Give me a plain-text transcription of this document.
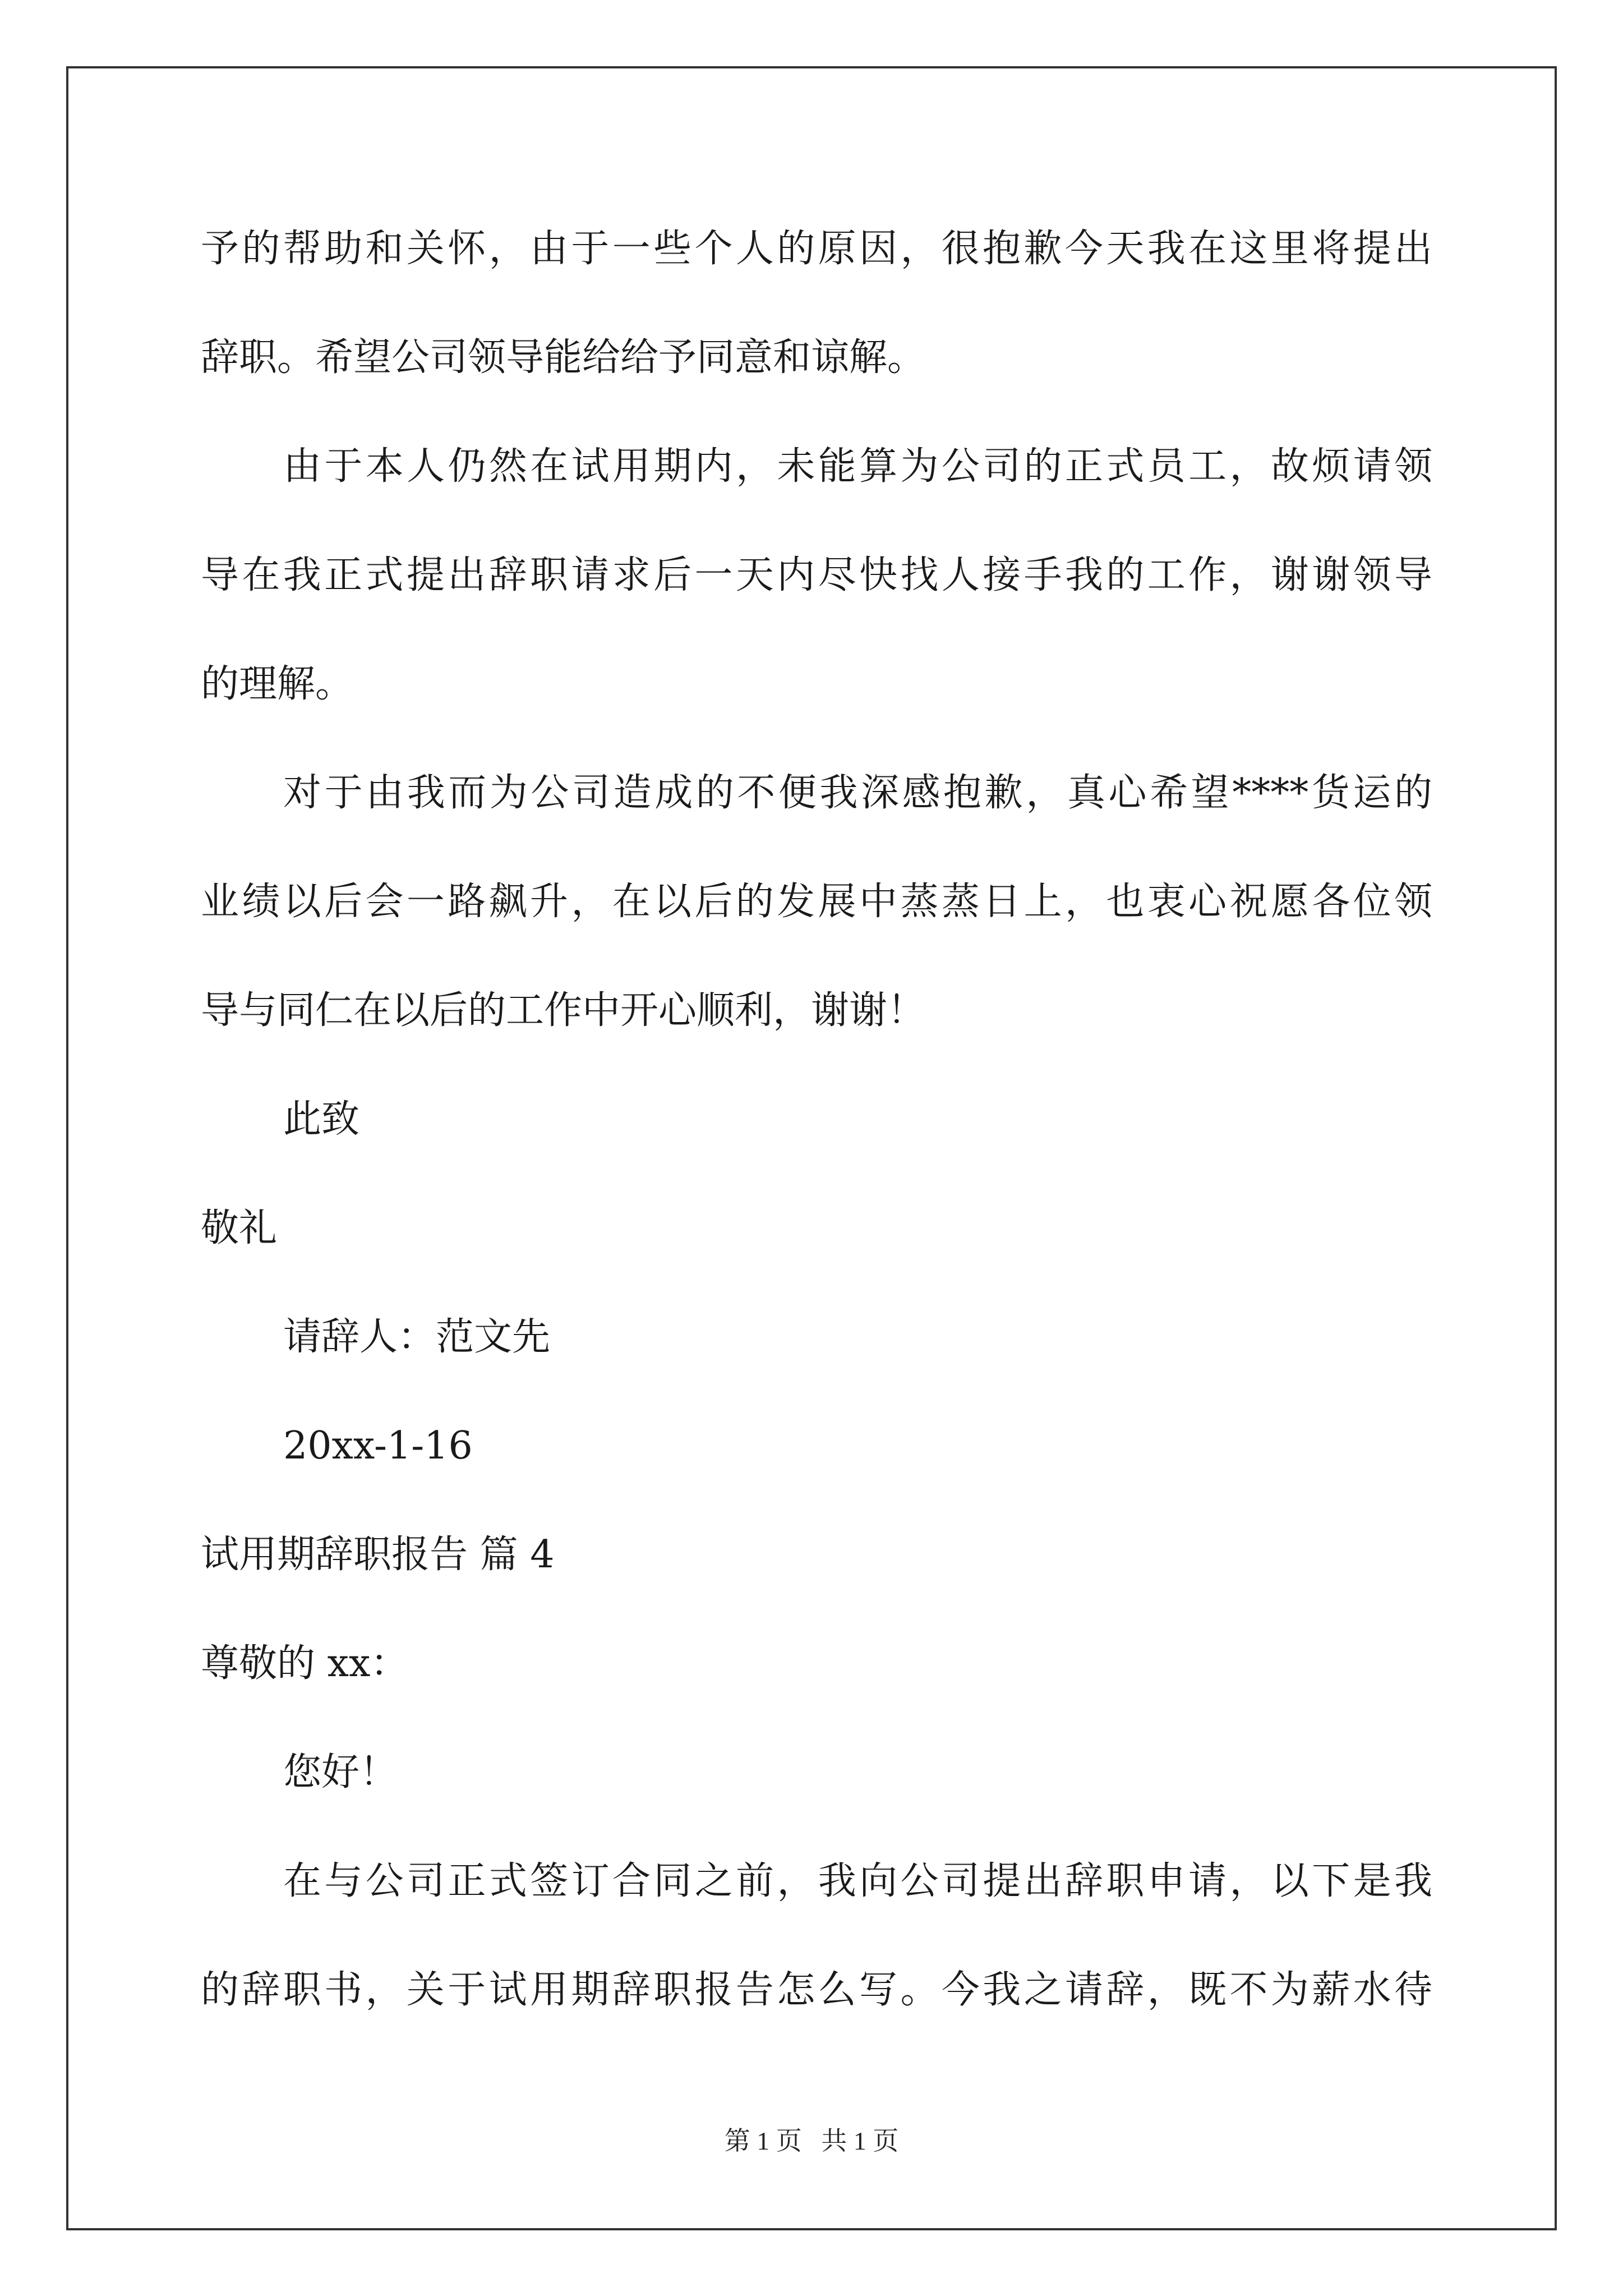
予的帮助和关怀，由于一些个人的原因，很抱歉今天我在这里将提出
辞职。希望公司领导能给给予同意和谅解。
由于本人仍然在试用期内，未能算为公司的正式员工，故烦请领
导在我正式提出辞职请求后一天内尽快找人接手我的工作，谢谢领导
的理解。
对于由我而为公司造成的不便我深感抱歉，真心希望****货运的
业绩以后会一路飙升，在以后的发展中蒸蒸日上，也衷心祝愿各位领
导与同仁在以后的工作中开心顺利，谢谢！
此致
敬礼
请辞人：范文先
20xx-1-16
试用期辞职报告 篇 4
尊敬的 xx：
您好！
在与公司正式签订合同之前，我向公司提出辞职申请，以下是我
的辞职书，关于试用期辞职报告怎么写。今我之请辞，既不为薪水待
第 1 页 共 1 页
